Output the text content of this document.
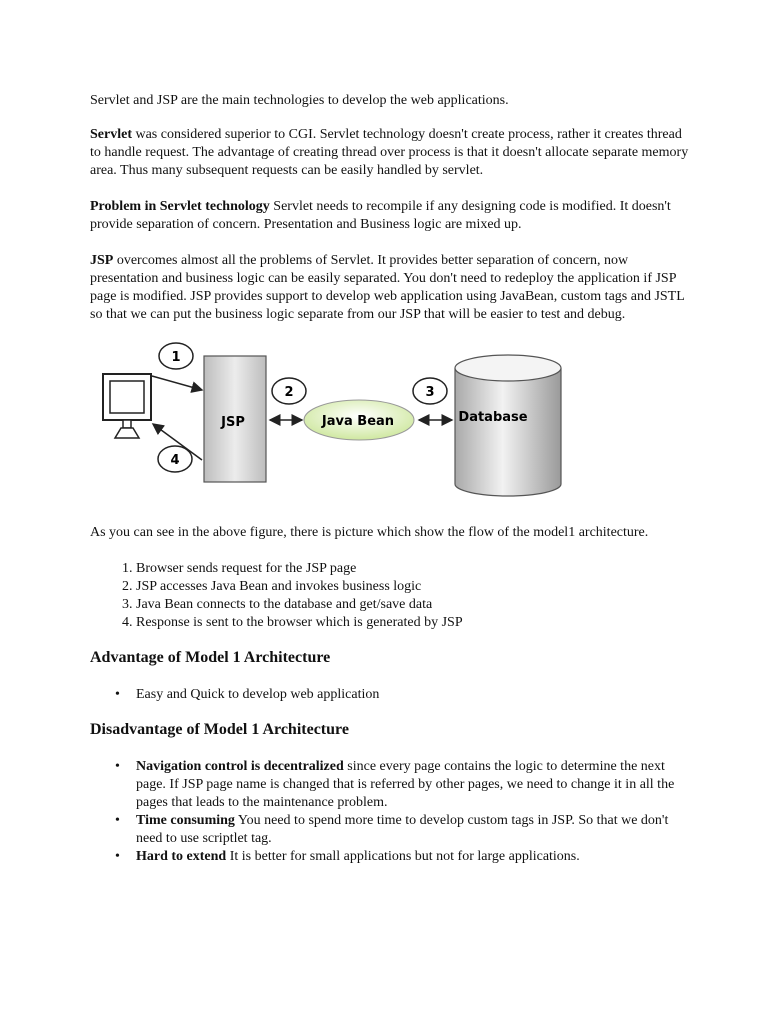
Servlet and JSP are the main technologies to develop the web applications.

Servlet was considered superior to CGI. Servlet technology doesn't create process, rather it creates thread to handle request. The advantage of creating thread over process is that it doesn't allocate separate memory area. Thus many subsequent requests can be easily handled by servlet.

Problem in Servlet technology Servlet needs to recompile if any designing code is modified. It doesn't provide separation of concern. Presentation and Business logic are mixed up.

JSP overcomes almost all the problems of Servlet. It provides better separation of concern, now presentation and business logic can be easily separated. You don't need to redeploy the application if JSP page is modified. JSP provides support to develop web application using JavaBean, custom tags and JSTL so that we can put the business logic separate from our JSP that will be easier to test and debug.

1
4
JSP
2
Java Bean
3
Database

As you can see in the above figure, there is picture which show the flow of the model1 architecture.

1. Browser sends request for the JSP page
2. JSP accesses Java Bean and invokes business logic
3. Java Bean connects to the database and get/save data
4. Response is sent to the browser which is generated by JSP
Advantage of Model 1 Architecture
• Easy and Quick to develop web application
Disadvantage of Model 1 Architecture
• Navigation control is decentralized since every page contains the logic to determine the next page. If JSP page name is changed that is referred by other pages, we need to change it in all the pages that leads to the maintenance problem.
• Time consuming You need to spend more time to develop custom tags in JSP. So that we don't need to use scriptlet tag.
• Hard to extend It is better for small applications but not for large applications.
